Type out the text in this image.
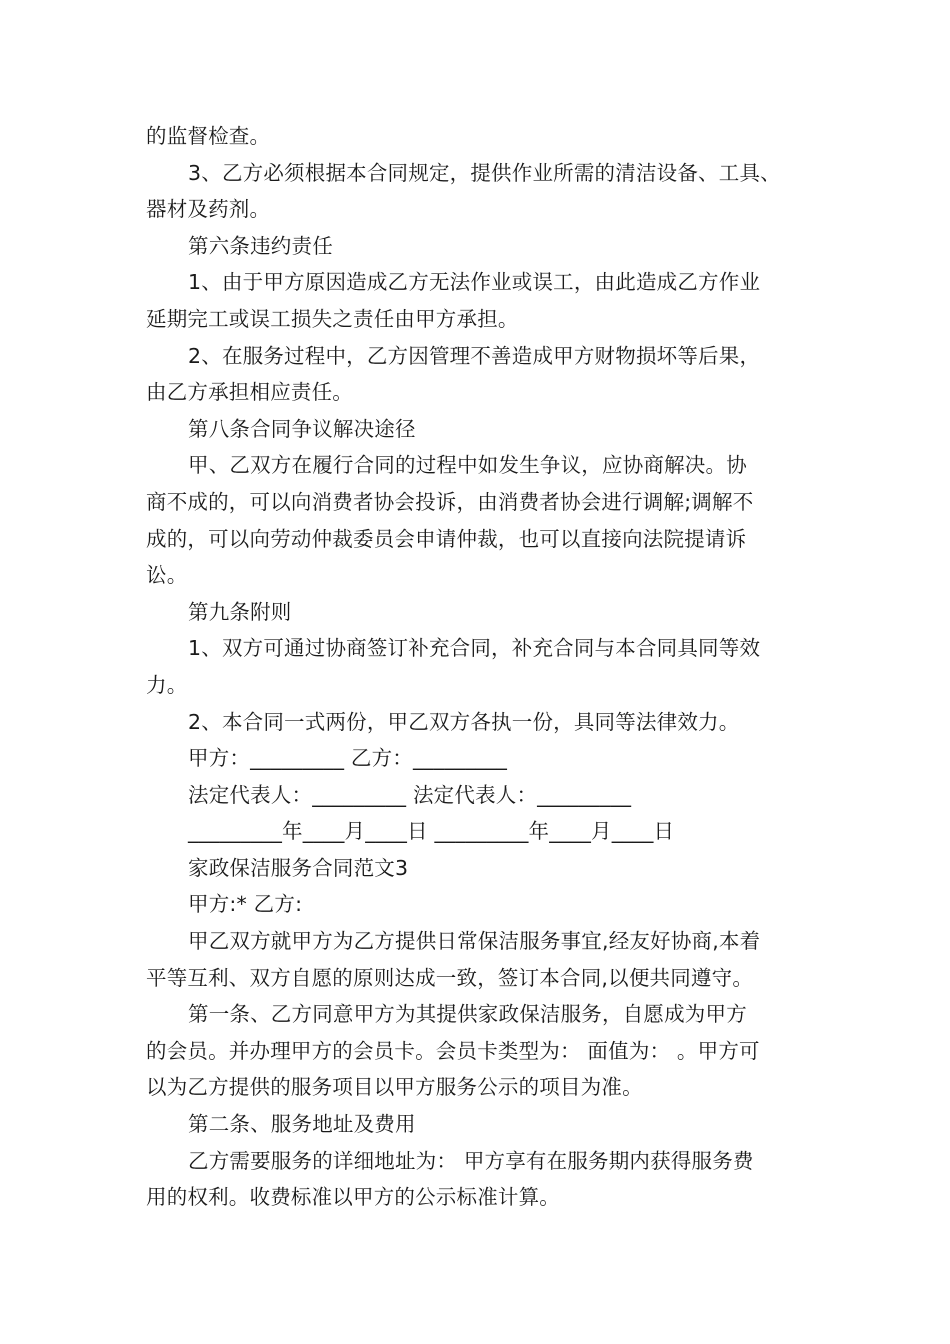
的监督检查。
3、乙方必须根据本合同规定，提供作业所需的清洁设备、工具、
器材及药剂。
第六条违约责任
1、由于甲方原因造成乙方无法作业或误工，由此造成乙方作业
延期完工或误工损失之责任由甲方承担。
2、在服务过程中，乙方因管理不善造成甲方财物损坏等后果，
由乙方承担相应责任。
第八条合同争议解决途径
甲、乙双方在履行合同的过程中如发生争议，应协商解决。协
商不成的，可以向消费者协会投诉，由消费者协会进行调解;调解不
成的，可以向劳动仲裁委员会申请仲裁，也可以直接向法院提请诉
讼。
第九条附则
1、双方可通过协商签订补充合同，补充合同与本合同具同等效
力。
2、本合同一式两份，甲乙双方各执一份，具同等法律效力。
甲方：_________ 乙方：_________
法定代表人：_________ 法定代表人：_________
_________年____月____日 _________年____月____日
家政保洁服务合同范文3
甲方:* 乙方:
甲乙双方就甲方为乙方提供日常保洁服务事宜,经友好协商,本着
平等互利、双方自愿的原则达成一致，签订本合同,以便共同遵守。
第一条、乙方同意甲方为其提供家政保洁服务，自愿成为甲方
的会员。并办理甲方的会员卡。会员卡类型为： 面值为： 。甲方可
以为乙方提供的服务项目以甲方服务公示的项目为准。
第二条、服务地址及费用
乙方需要服务的详细地址为： 甲方享有在服务期内获得服务费
用的权利。收费标准以甲方的公示标准计算。
